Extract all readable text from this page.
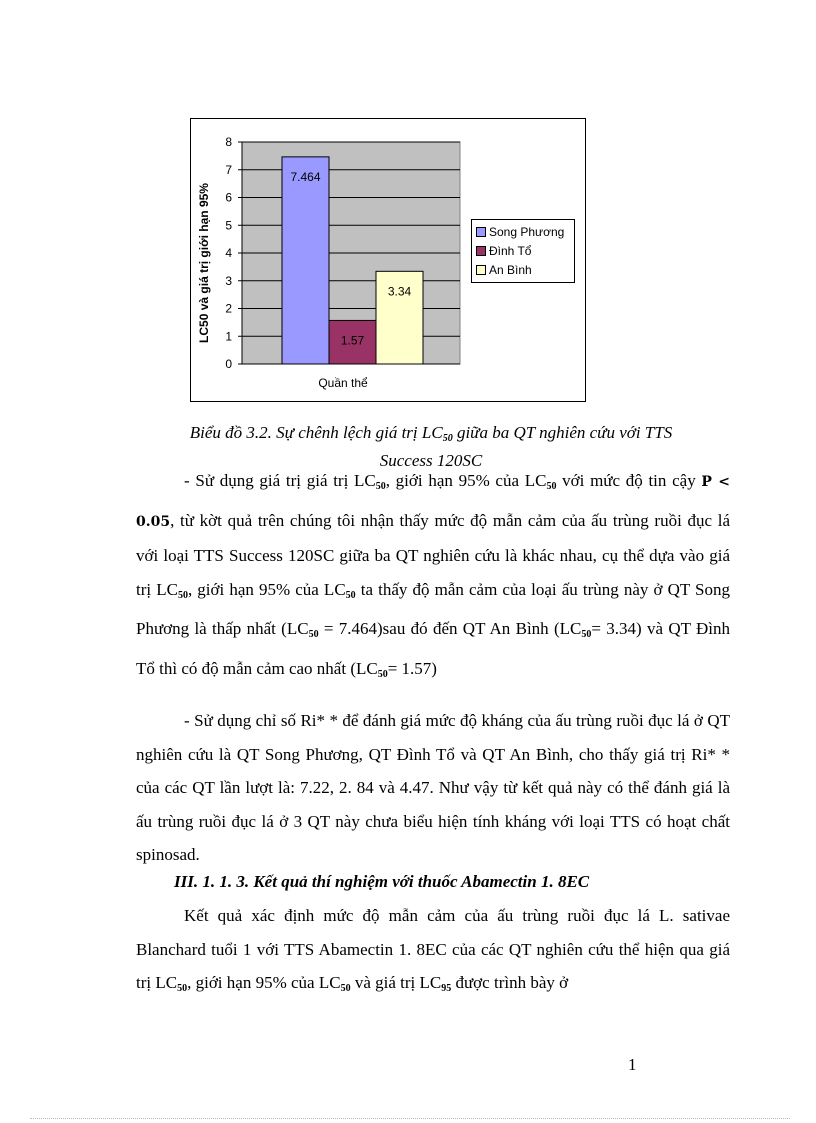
0
1
2
3
4
5
6
7
8
7.464
1.57
3.34
Quần thể
LC50 và giá trị giới hạn 95%	Song Phương
Đình Tổ
An Bình
Biểu đồ 3.2. Sự chênh lệch giá trị $LC_{50}$ giữa ba QT nghiên cứu với TTS
Success 120SC

- Sử dụng giá trị giá trị $LC_{50}$, giới hạn 95% của $LC_{50}$ với mức độ tin cậy P < 0.05, từ kờt quả trên chúng tôi nhận thấy mức độ mẫn cảm của ấu trùng ruồi đục lá với loại TTS Success 120SC giữa ba QT nghiên cứu là khác nhau, cụ thể dựa vào giá trị $LC_{50}$, giới hạn 95% của $LC_{50}$ ta thấy độ mẫn cảm của loại ấu trùng này ở QT Song Phương là thấp nhất $(LC_{50} = 7.464)sau$ đó đến QT An Bình $(LC_{50}= 3.34)$ và QT Đình Tổ thì có độ mẫn cảm cao nhất $(LC_{50}= 1.57)$

- Sử dụng chỉ số Ri* * để đánh giá mức độ kháng của ấu trùng ruồi đục lá ở QT nghiên cứu là QT Song Phương, QT Đình Tổ và QT An Bình, cho thấy giá trị Ri* * của các QT lần lượt là: 7.22, 2. 84 và 4.47. Như vậy từ kết quả này có thể đánh giá là ấu trùng ruồi đục lá ở 3 QT này chưa biểu hiện tính kháng với loại TTS có hoạt chất spinosad.

III. 1. 1. 3. Kết quả thí nghiệm với thuốc Abamectin 1. 8EC

Kết quả xác định mức độ mẫn cảm của ấu trùng ruồi đục lá L. sativae Blanchard tuổi 1 với TTS Abamectin 1. 8EC của các QT nghiên cứu thể hiện qua giá trị $LC_{50}$, giới hạn 95% của $LC_{50}$ và giá trị $LC_{95}$ được trình bày ở

1
